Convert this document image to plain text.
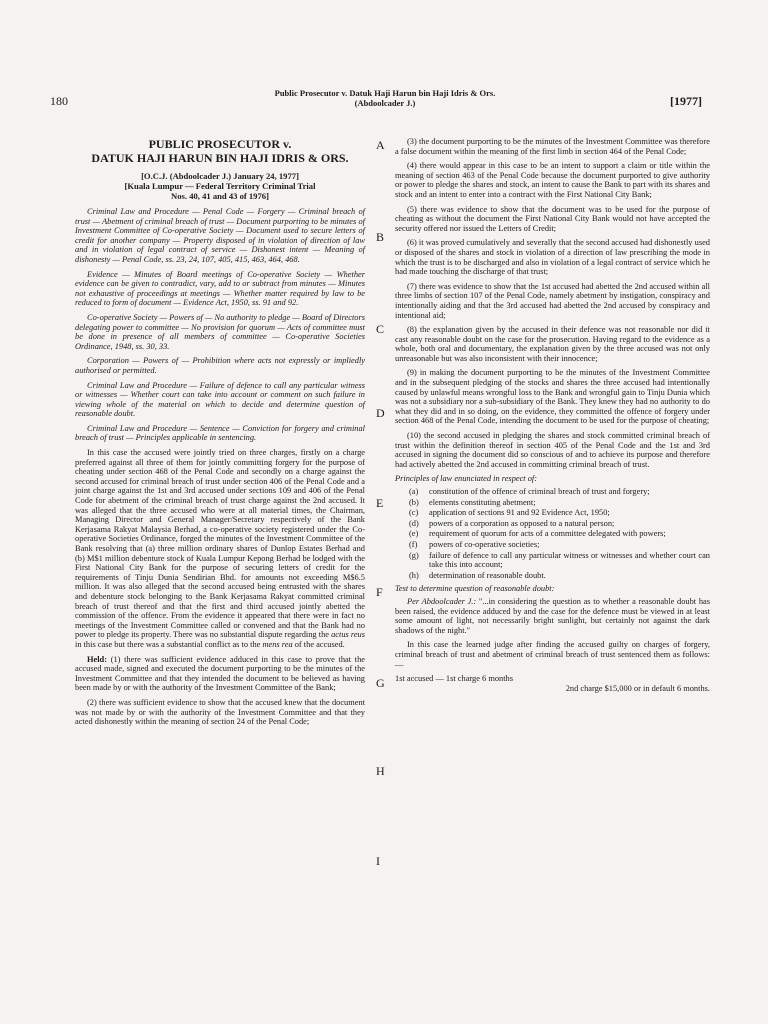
180
Public Prosecutor v. Datuk Haji Harun bin Haji Idris & Ors.
(Abdoolcader J.)	[1977]
PUBLIC PROSECUTOR v.
DATUK HAJI HARUN BIN HAJI IDRIS & ORS.
[O.C.J. (Abdoolcader J.) January 24, 1977]
[Kuala Lumpur — Federal Territory Criminal Trial
Nos. 40, 41 and 43 of 1976]

Criminal Law and Procedure — Penal Code — Forgery — Criminal breach of trust — Abetment of criminal breach of trust — Document purporting to be minutes of Investment Committee of Co-operative Society — Document used to secure letters of credit for another company — Property disposed of in violation of direction of law and in violation of legal contract of service — Dishonest intent — Meaning of dishonesty — Penal Code, ss. 23, 24, 107, 405, 415, 463, 464, 468.

Evidence — Minutes of Board meetings of Co-operative Society — Whether evidence can be given to contradict, vary, add to or subtract from minutes — Minutes not exhaustive of proceedings at meetings — Whether matter required by law to be reduced to form of document — Evidence Act, 1950, ss. 91 and 92.

Co-operative Society — Powers of — No authority to pledge — Board of Directors delegating power to committee — No provision for quorum — Acts of committee must be done in presence of all members of committee — Co-operative Societies Ordinance, 1948, ss. 30, 33.

Corporation — Powers of — Prohibition where acts not expressly or impliedly authorised or permitted.

Criminal Law and Procedure — Failure of defence to call any particular witness or witnesses — Whether court can take into account or comment on such failure in viewing whole of the material on which to decide and determine question of reasonable doubt.

Criminal Law and Procedure — Sentence — Conviction for forgery and criminal breach of trust — Principles applicable in sentencing.

In this case the accused were jointly tried on three charges, firstly on a charge preferred against all three of them for jointly committing forgery for the purpose of cheating under section 468 of the Penal Code and secondly on a charge against the second accused for criminal breach of trust under section 406 of the Penal Code and a joint charge against the 1st and 3rd accused under sections 109 and 406 of the Penal Code for abetment of the criminal breach of trust charge against the 2nd accused. It was alleged that the three accused who were at all material times, the Chairman, Managing Director and General Manager/Secretary respectively of the Bank Kerjasama Rakyat Malaysia Berhad, a co-operative society registered under the Co-operative Societies Ordinance, forged the minutes of the Investment Committee of the Bank resolving that (a) three million ordinary shares of Dunlop Estates Berhad and (b) M$1 million debenture stock of Kuala Lumpur Kepong Berhad be lodged with the First National City Bank for the purpose of securing letters of credit for the requirements of Tinju Dunia Sendirian Bhd. for amounts not exceeding M$6.5 million. It was also alleged that the second accused being entrusted with the shares and debenture stock belonging to the Bank Kerjasama Rakyat committed criminal breach of trust thereof and that the first and third accused jointly abetted the commission of the offence. From the evidence it appeared that there were in fact no meetings of the Investment Committee called or convened and that the Bank had no power to pledge its property. There was no substantial dispute regarding the actus reus in this case but there was a substantial conflict as to the mens rea of the accused.

Held: (1) there was sufficient evidence adduced in this case to prove that the accused made, signed and executed the document purporting to be the minutes of the Investment Committee and that they intended the document to be believed as having been made by or with the authority of the Investment Committee of the Bank;

(2) there was sufficient evidence to show that the accused knew that the document was not made by or with the authority of the Investment Committee and that they acted dishonestly within the meaning of section 24 of the Penal Code;

A
B
C
D
E
F
G
H
I

(3) the document purporting to be the minutes of the Investment Committee was therefore a false document within the meaning of the first limb in section 464 of the Penal Code;

(4) there would appear in this case to be an intent to support a claim or title within the meaning of section 463 of the Penal Code because the document purported to give authority or power to pledge the shares and stock, an intent to cause the Bank to part with its shares and stock and an intent to enter into a contract with the First National City Bank;

(5) there was evidence to show that the document was to be used for the purpose of cheating as without the document the First National City Bank would not have accepted the security offered nor issued the Letters of Credit;

(6) it was proved cumulatively and severally that the second accused had dishonestly used or disposed of the shares and stock in violation of a direction of law prescribing the mode in which the trust is to be discharged and also in violation of a legal contract of service which he had made touching the discharge of that trust;

(7) there was evidence to show that the 1st accused had abetted the 2nd accused within all three limbs of section 107 of the Penal Code, namely abetment by instigation, conspiracy and intentionally aiding and that the 3rd accused had abetted the 2nd accused by conspiracy and intentional aid;

(8) the explanation given by the accused in their defence was not reasonable nor did it cast any reasonable doubt on the case for the prosecution. Having regard to the evidence as a whole, both oral and documentary, the explanation given by the three accused was not only unreasonable but was also inconsistent with their innocence;

(9) in making the document purporting to be the minutes of the Investment Committee and in the subsequent pledging of the stocks and shares the three accused had intentionally caused by unlawful means wrongful loss to the Bank and wrongful gain to Tinju Dunia which was not a subsidiary nor a sub-subsidiary of the Bank. They knew they had no authority to do what they did and in so doing, on the evidence, they committed the offence of forgery under section 468 of the Penal Code, intending the document to be used for the purpose of cheating;

(10) the second accused in pledging the shares and stock committed criminal breach of trust within the definition thereof in section 405 of the Penal Code and the 1st and 3rd accused in signing the document did so conscious of and to achieve its purpose and therefore had actively abetted the 2nd accused in committing criminal breach of trust.

Principles of law enunciated in respect of:

(a)	constitution of the offence of criminal breach of trust and forgery;
(b)	elements constituting abetment;
(c)	application of sections 91 and 92 Evidence Act, 1950;
(d)	powers of a corporation as opposed to a natural person;
(e)	requirement of quorum for acts of a committee delegated with powers;
(f)	powers of co-operative societies;
(g)	failure of defence to call any particular witness or witnesses and whether court can take this into account;
(h)	determination of reasonable doubt.

Test to determine question of reasonable doubt:

Per Abdoolcader J.: "...in considering the question as to whether a reasonable doubt has been raised, the evidence adduced by and the case for the defence must be viewed in at least some amount of light, not necessarily bright sunlight, but certainly not against the dark shadows of the night."

In this case the learned judge after finding the accused guilty on charges of forgery, criminal breach of trust and abetment of criminal breach of trust sentenced them as follows:—

1st accused — 1st charge 6 months
2nd charge $15,000 or in default 6 months.
